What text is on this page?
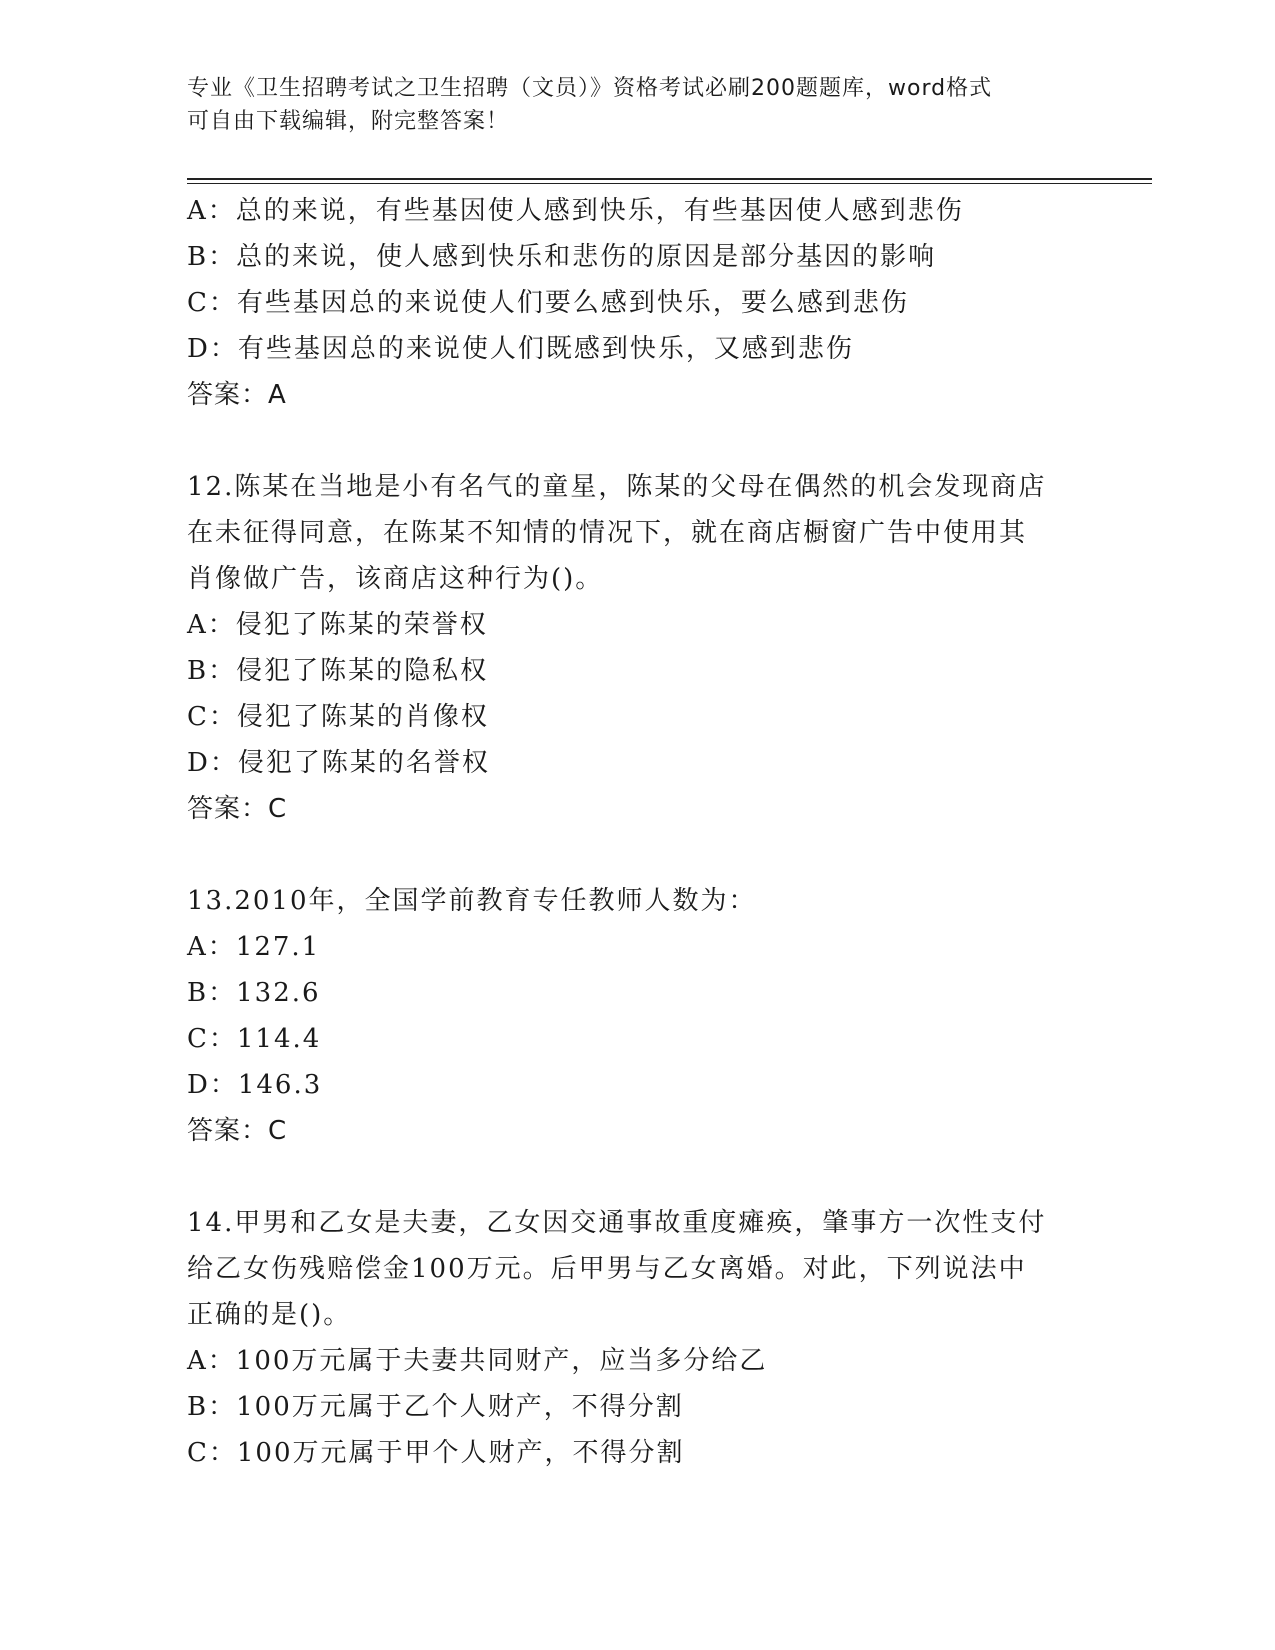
专业《卫生招聘考试之卫生招聘（文员）》资格考试必刷200题题库，word格式

可自由下载编辑，附完整答案！

A：总的来说，有些基因使人感到快乐，有些基因使人感到悲伤
B：总的来说，使人感到快乐和悲伤的原因是部分基因的影响
C：有些基因总的来说使人们要么感到快乐，要么感到悲伤
D：有些基因总的来说使人们既感到快乐，又感到悲伤
答案：A
12.陈某在当地是小有名气的童星，陈某的父母在偶然的机会发现商店
在未征得同意，在陈某不知情的情况下，就在商店橱窗广告中使用其
肖像做广告，该商店这种行为()。
A：侵犯了陈某的荣誉权
B：侵犯了陈某的隐私权
C：侵犯了陈某的肖像权
D：侵犯了陈某的名誉权
答案：C
13.2010年，全国学前教育专任教师人数为：
A：127.1
B：132.6
C：114.4
D：146.3
答案：C
14.甲男和乙女是夫妻，乙女因交通事故重度瘫痪，肇事方一次性支付
给乙女伤残赔偿金100万元。后甲男与乙女离婚。对此，下列说法中
正确的是()。
A：100万元属于夫妻共同财产，应当多分给乙
B：100万元属于乙个人财产，不得分割
C：100万元属于甲个人财产，不得分割
